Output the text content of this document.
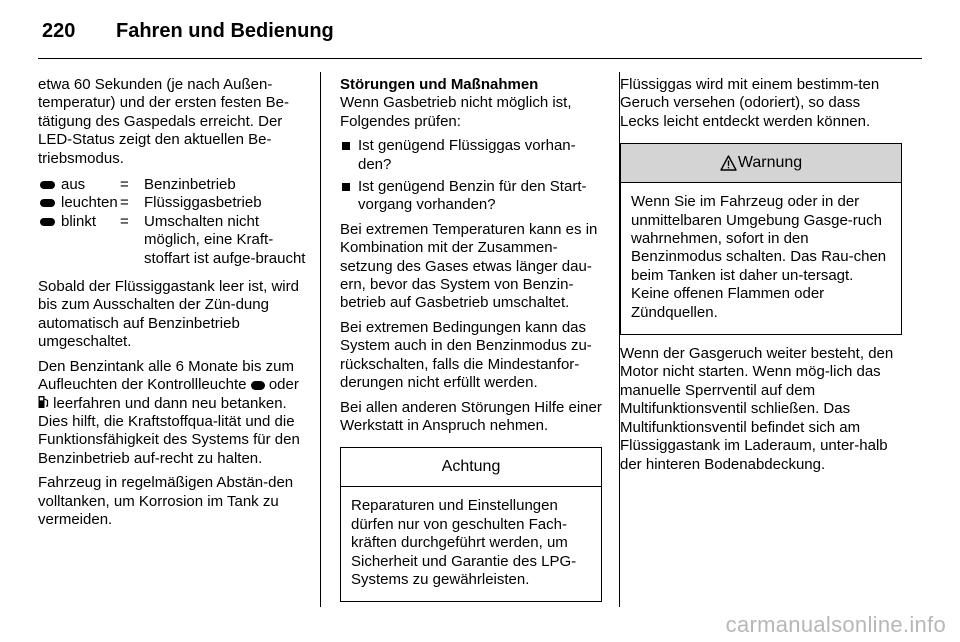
220 Fahren und Bedienung

etwa 60 Sekunden (je nach Außen-temperatur) und der ersten festen Be-tätigung des Gaspedals erreicht. Der LED-Status zeigt den aktuellen Be-triebsmodus.

aus =	Benzinbetrieb
leuchten =	Flüssiggasbetrieb
blinkt =	Umschalten nicht möglich, eine Kraft-stoffart ist aufge-braucht

Sobald der Flüssiggastank leer ist, wird bis zum Ausschalten der Zün-dung automatisch auf Benzinbetrieb umgeschaltet.

Den Benzintank alle 6 Monate bis zum Aufleuchten der Kontrollleuchte oder  leerfahren und dann neu betanken. Dies hilft, die Kraftstoffqua-lität und die Funktionsfähigkeit des Systems für den Benzinbetrieb auf-recht zu halten.

Fahrzeug in regelmäßigen Abstän-den volltanken, um Korrosion im Tank zu vermeiden.

Störungen und Maßnahmen

Wenn Gasbetrieb nicht möglich ist, Folgendes prüfen:

Ist genügend Flüssiggas vorhan-den?
Ist genügend Benzin für den Start-vorgang vorhanden?

Bei extremen Temperaturen kann es in Kombination mit der Zusammen-setzung des Gases etwas länger dau-ern, bevor das System von Benzin-betrieb auf Gasbetrieb umschaltet.

Bei extremen Bedingungen kann das System auch in den Benzinmodus zu-rückschalten, falls die Mindestanfor-derungen nicht erfüllt werden.

Bei allen anderen Störungen Hilfe einer Werkstatt in Anspruch nehmen.

Achtung
Reparaturen und Einstellungen dürfen nur von geschulten Fach-kräften durchgeführt werden, um Sicherheit und Garantie des LPG-Systems zu gewährleisten.

Flüssiggas wird mit einem bestimm-ten Geruch versehen (odoriert), so dass Lecks leicht entdeckt werden können.

Warnung
Wenn Sie im Fahrzeug oder in der unmittelbaren Umgebung Gasge-ruch wahrnehmen, sofort in den Benzinmodus schalten. Das Rau-chen beim Tanken ist daher un-tersagt. Keine offenen Flammen oder Zündquellen.

Wenn der Gasgeruch weiter besteht, den Motor nicht starten. Wenn mög-lich das manuelle Sperrventil auf dem Multifunktionsventil schließen. Das Multifunktionsventil befindet sich am Flüssiggastank im Laderaum, unter-halb der hinteren Bodenabdeckung.

carmanualsonline.info
